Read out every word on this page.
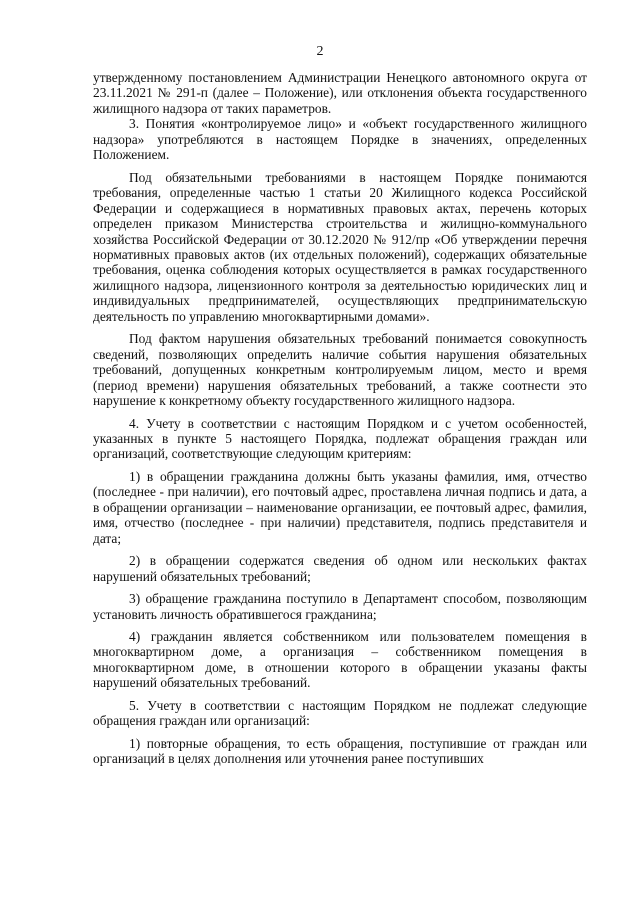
2

утвержденному постановлением Администрации Ненецкого автономного округа от 23.11.2021 № 291-п (далее – Положение), или отклонения объекта государственного жилищного надзора от таких параметров.

3. Понятия «контролируемое лицо» и «объект государственного жилищного надзора» употребляются в настоящем Порядке в значениях, определенных Положением.

Под обязательными требованиями в настоящем Порядке понимаются требования, определенные частью 1 статьи 20 Жилищного кодекса Российской Федерации и содержащиеся в нормативных правовых актах, перечень которых определен приказом Министерства строительства и жилищно-коммунального хозяйства Российской Федерации от 30.12.2020 № 912/пр «Об утверждении перечня нормативных правовых актов (их отдельных положений), содержащих обязательные требования, оценка соблюдения которых осуществляется в рамках государственного жилищного надзора, лицензионного контроля за деятельностью юридических лиц и индивидуальных предпринимателей, осуществляющих предпринимательскую деятельность по управлению многоквартирными домами».

Под фактом нарушения обязательных требований понимается совокупность сведений, позволяющих определить наличие события нарушения обязательных требований, допущенных конкретным контролируемым лицом, место и время (период времени) нарушения обязательных требований, а также соотнести это нарушение к конкретному объекту государственного жилищного надзора.

4. Учету в соответствии с настоящим Порядком и с учетом особенностей, указанных в пункте 5 настоящего Порядка, подлежат обращения граждан или организаций, соответствующие следующим критериям:

1) в обращении гражданина должны быть указаны фамилия, имя, отчество (последнее - при наличии), его почтовый адрес, проставлена личная подпись и дата, а в обращении организации – наименование организации, ее почтовый адрес, фамилия, имя, отчество (последнее - при наличии) представителя, подпись представителя и дата;

2) в обращении содержатся сведения об одном или нескольких фактах нарушений обязательных требований;

3) обращение гражданина поступило в Департамент способом, позволяющим установить личность обратившегося гражданина;

4) гражданин является собственником или пользователем помещения в многоквартирном доме, а организация – собственником помещения в многоквартирном доме, в отношении которого в обращении указаны факты нарушений обязательных требований.

5. Учету в соответствии с настоящим Порядком не подлежат следующие обращения граждан или организаций:

1) повторные обращения, то есть обращения, поступившие от граждан или организаций в целях дополнения или уточнения ранее поступивших
